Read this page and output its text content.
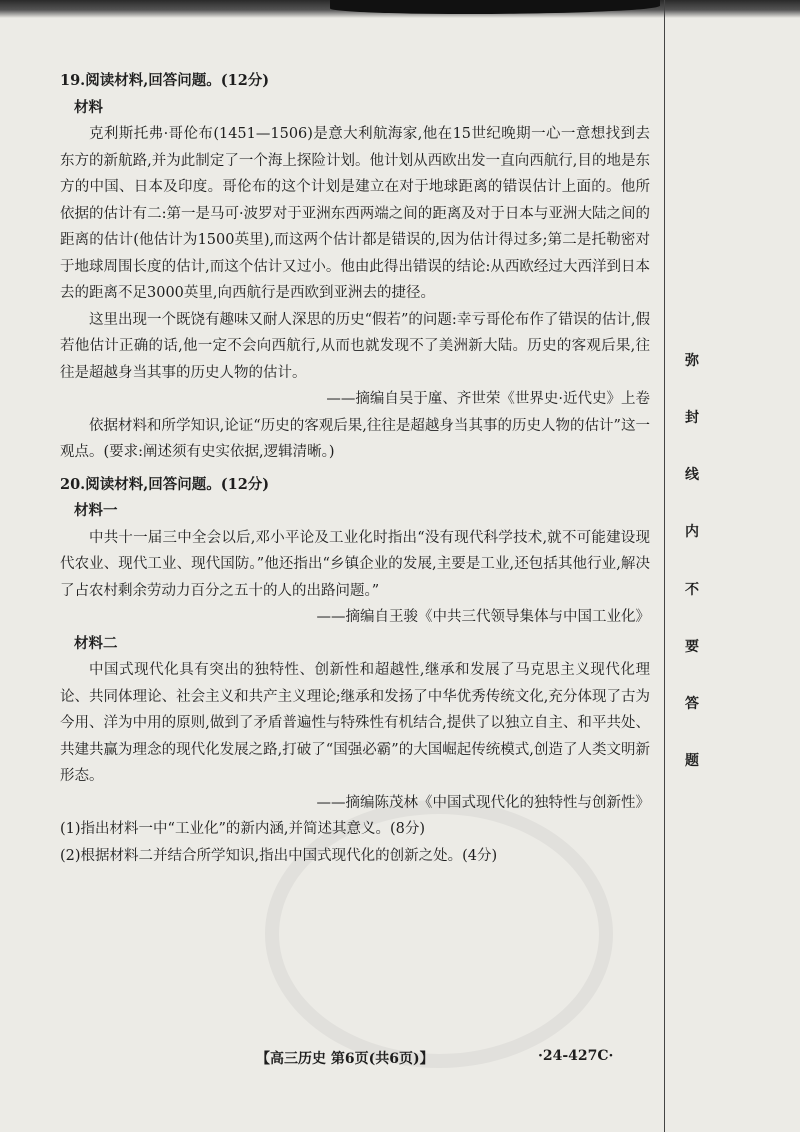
19.阅读材料,回答问题。(12分)
材料

克利斯托弗·哥伦布(1451—1506)是意大利航海家,他在15世纪晚期一心一意想找到去东方的新航路,并为此制定了一个海上探险计划。他计划从西欧出发一直向西航行,目的地是东方的中国、日本及印度。哥伦布的这个计划是建立在对于地球距离的错误估计上面的。他所依据的估计有二:第一是马可·波罗对于亚洲东西两端之间的距离及对于日本与亚洲大陆之间的距离的估计(他估计为1500英里),而这两个估计都是错误的,因为估计得过多;第二是托勒密对于地球周围长度的估计,而这个估计又过小。他由此得出错误的结论:从西欧经过大西洋到日本去的距离不足3000英里,向西航行是西欧到亚洲去的捷径。

这里出现一个既饶有趣味又耐人深思的历史“假若”的问题:幸亏哥伦布作了错误的估计,假若他估计正确的话,他一定不会向西航行,从而也就发现不了美洲新大陆。历史的客观后果,往往是超越身当其事的历史人物的估计。

——摘编自吴于廑、齐世荣《世界史·近代史》上卷

依据材料和所学知识,论证“历史的客观后果,往往是超越身当其事的历史人物的估计”这一观点。(要求:阐述须有史实依据,逻辑清晰。)

20.阅读材料,回答问题。(12分)
材料一

中共十一届三中全会以后,邓小平论及工业化时指出“没有现代科学技术,就不可能建设现代农业、现代工业、现代国防。”他还指出“乡镇企业的发展,主要是工业,还包括其他行业,解决了占农村剩余劳动力百分之五十的人的出路问题。”

——摘编自王骏《中共三代领导集体与中国工业化》
材料二

中国式现代化具有突出的独特性、创新性和超越性,继承和发展了马克思主义现代化理论、共同体理论、社会主义和共产主义理论;继承和发扬了中华优秀传统文化,充分体现了古为今用、洋为中用的原则,做到了矛盾普遍性与特殊性有机结合,提供了以独立自主、和平共处、共建共赢为理念的现代化发展之路,打破了“国强必霸”的大国崛起传统模式,创造了人类文明新形态。

——摘编陈茂林《中国式现代化的独特性与创新性》
(1)指出材料一中“工业化”的新内涵,并简述其意义。(8分)
(2)根据材料二并结合所学知识,指出中国式现代化的创新之处。(4分)
弥
封
线
内
不
要
答
题
【高三历史 第6页(共6页)】	·24-427C·
